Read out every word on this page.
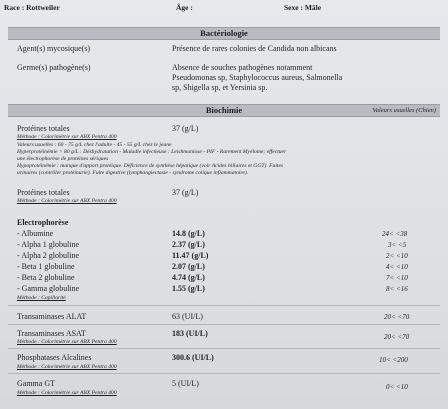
Race : Rottweiler	Âge :	Sexe : Mâle
Bactériologie
Agent(s) mycosique(s)	Présence de rares colonies de Candida non albicans
Germe(s) pathogène(s)	Absence de souches pathogènes notamment
Pseudomonas sp, Staphylococcus aureus, Salmonella
sp, Shigella sp, et Yersinia sp.
Biochimie	Valeurs usuelles (Chien)
Protéines totales	37 (g/L)
Méthode : Colorimétrie sur ABX Pentra 400
Valeurs usuelles : 60 - 75 g/L chez l'adulte - 45 - 55 g/L chez le jeune
Hyperprotéinémie > 80 g/L : Déshydratation - Maladie infectieuse : Leishmaniose - PIF - Rarement Myélome; effectuer
une électrophorèse de protéines sériques
Hypoprotéinémie : manque d'apport protéique. Déficience de synthèse hépatique (voir Acides biliaires et GGT). Fuites
urinaires (contrôler protéinurie). Fuite digestive (lymphangiectasie - syndrome colique inflammatoire).
Protéines totales	37 (g/L)
Méthode : Colorimétrie sur ABX Pentra 400
Electrophorèse
- Albumine	14.8 (g/L)	24< <38
- Alpha 1 globuline	2.37 (g/L)	3< <5
- Alpha 2 globuline	11.47 (g/L)	2< <10
- Beta 1 globuline	2.07 (g/L)	4< <10
- Beta 2 globuline	4.74 (g/L)	7< <10
- Gamma globuline	1.55 (g/L)	8< <16
Méthode : Capillarité
Transaminases ALAT	63 (UI/L)	20< <70
Transaminases ASAT	183 (UI/L)	20< <70
Méthode : Colorimétrie sur ABX Pentra 400
Phosphatases Alcalines	300.6 (UI/L)	10< <200
Méthode : Colorimétrie sur ABX Pentra 400
Gamma GT	5 (UI/L)	0< <10
Méthode : Colorimétrie sur ABX Pentra 400
